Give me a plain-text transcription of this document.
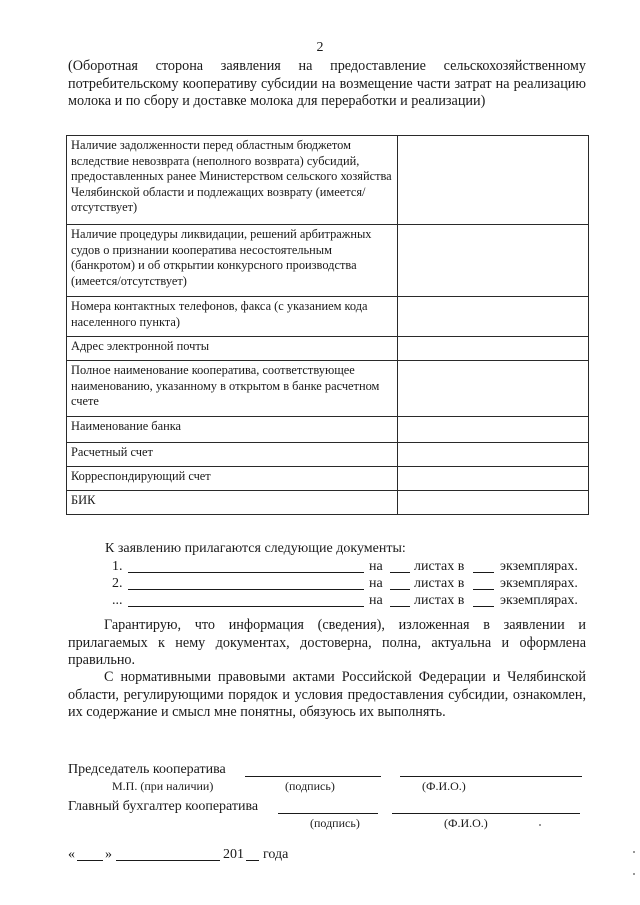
2
(Оборотная сторона заявления на предоставление сельскохозяйственному потребительскому кооперативу субсидии на возмещение части затрат на реализацию молока и по сбору и доставке молока для переработки и реализации)
Наличие задолженности перед областным бюджетом вследствие невозврата (неполного возврата) субсидий, предоставленных ранее Министерством сельского хозяйства Челябинской области и подлежащих возврату (имеется/отсутствует)	
Наличие процедуры ликвидации, решений арбитражных судов о признании кооператива несостоятельным (банкротом) и об открытии конкурсного производства (имеется/отсутствует)	
Номера контактных телефонов, факса (с указанием кода населенного пункта)	
Адрес электронной почты	
Полное наименование кооператива, соответствующее наименованию, указанному в открытом в банке расчетном счете	
Наименование банка	
Расчетный счет	
Корреспондирующий счет	
БИК	
К заявлению прилагаются следующие документы:
1.	на листах в	экземплярах.
2.	на листах в	экземплярах.
...	на листах в	экземплярах.
Гарантирую, что информация (сведения), изложенная в заявлении и прилагаемых к нему документах, достоверна, полна, актуальна и оформлена правильно.
С нормативными правовыми актами Российской Федерации и Челябинской области, регулирующими порядок и условия предоставления субсидии, ознакомлен, их содержание и смысл мне понятны, обязуюсь их выполнять.
Председатель кооператива
М.П. (при наличии)	(подпись)	(Ф.И.О.)
Главный бухгалтер кооператива
(подпись)	(Ф.И.О.)
« »	201 года
